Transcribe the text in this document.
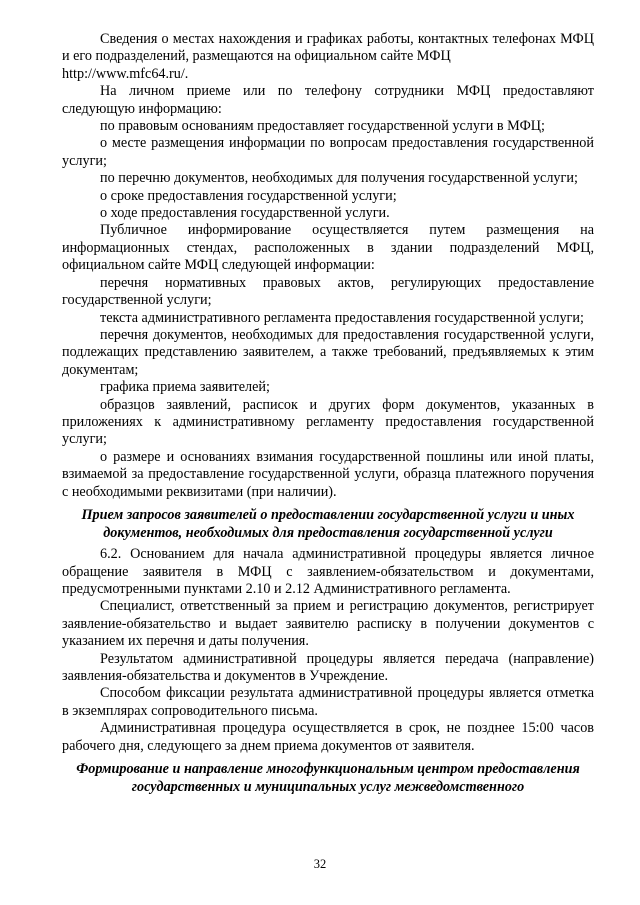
Сведения о местах нахождения и графиках работы, контактных телефонах МФЦ и его подразделений, размещаются на официальном сайте МФЦ
http://www.mfc64.ru/.

На личном приеме или по телефону сотрудники МФЦ предоставляют следующую информацию:

по правовым основаниям предоставляет государственной услуги в МФЦ;

о месте размещения информации по вопросам предоставления государственной услуги;

по перечню документов, необходимых для получения государственной услуги;

о сроке предоставления государственной услуги;

о ходе предоставления государственной услуги.

Публичное информирование осуществляется путем размещения на информационных стендах, расположенных в здании подразделений МФЦ, официальном сайте МФЦ следующей информации:

перечня нормативных правовых актов, регулирующих предоставление государственной услуги;

текста административного регламента предоставления государственной услуги;

перечня документов, необходимых для предоставления государственной услуги, подлежащих представлению заявителем, а также требований, предъявляемых к этим документам;

графика приема заявителей;

образцов заявлений, расписок и других форм документов, указанных в приложениях к административному регламенту предоставления государственной услуги;

о размере и основаниях взимания государственной пошлины или иной платы, взимаемой за предоставление государственной услуги, образца платежного поручения с необходимыми реквизитами (при наличии).

Прием запросов заявителей о предоставлении государственной услуги и иных документов, необходимых для предоставления государственной услуги

6.2. Основанием для начала административной процедуры является личное обращение заявителя в МФЦ с заявлением-обязательством и документами, предусмотренными пунктами 2.10 и 2.12 Административного регламента.

Специалист, ответственный за прием и регистрацию документов, регистрирует заявление-обязательство и выдает заявителю расписку в получении документов с указанием их перечня и даты получения.

Результатом административной процедуры является передача (направление) заявления-обязательства и документов в Учреждение.

Способом фиксации результата административной процедуры является отметка в экземплярах сопроводительного письма.

Административная процедура осуществляется в срок, не позднее 15:00 часов рабочего дня, следующего за днем приема документов от заявителя.

Формирование и направление многофункциональным центром предоставления государственных и муниципальных услуг межведомственного
32
